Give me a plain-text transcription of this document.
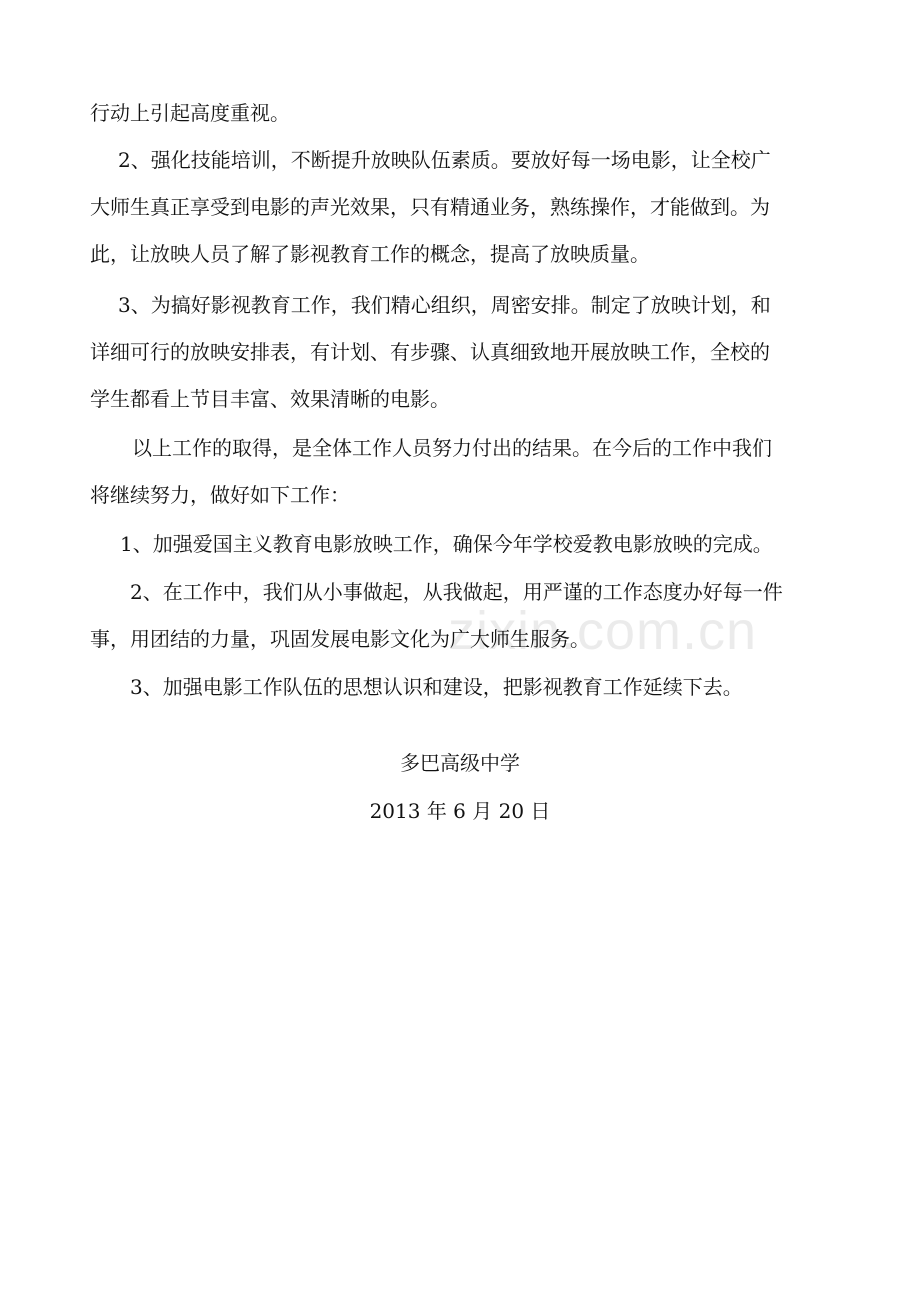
行动上引起高度重视。

2、强化技能培训，不断提升放映队伍素质。要放好每一场电影，让全校广
大师生真正享受到电影的声光效果，只有精通业务，熟练操作，才能做到。为
此，让放映人员了解了影视教育工作的概念，提高了放映质量。

3、为搞好影视教育工作，我们精心组织，周密安排。制定了放映计划，和
详细可行的放映安排表，有计划、有步骤、认真细致地开展放映工作，全校的
学生都看上节目丰富、效果清晰的电影。

以上工作的取得，是全体工作人员努力付出的结果。在今后的工作中我们
将继续努力，做好如下工作：

1、加强爱国主义教育电影放映工作，确保今年学校爱教电影放映的完成。

2、在工作中，我们从小事做起，从我做起，用严谨的工作态度办好每一件
事，用团结的力量，巩固发展电影文化为广大师生服务。

3、加强电影工作队伍的思想认识和建设，把影视教育工作延续下去。

多巴高级中学

2013 年 6 月 20 日

zixin.com.cn
